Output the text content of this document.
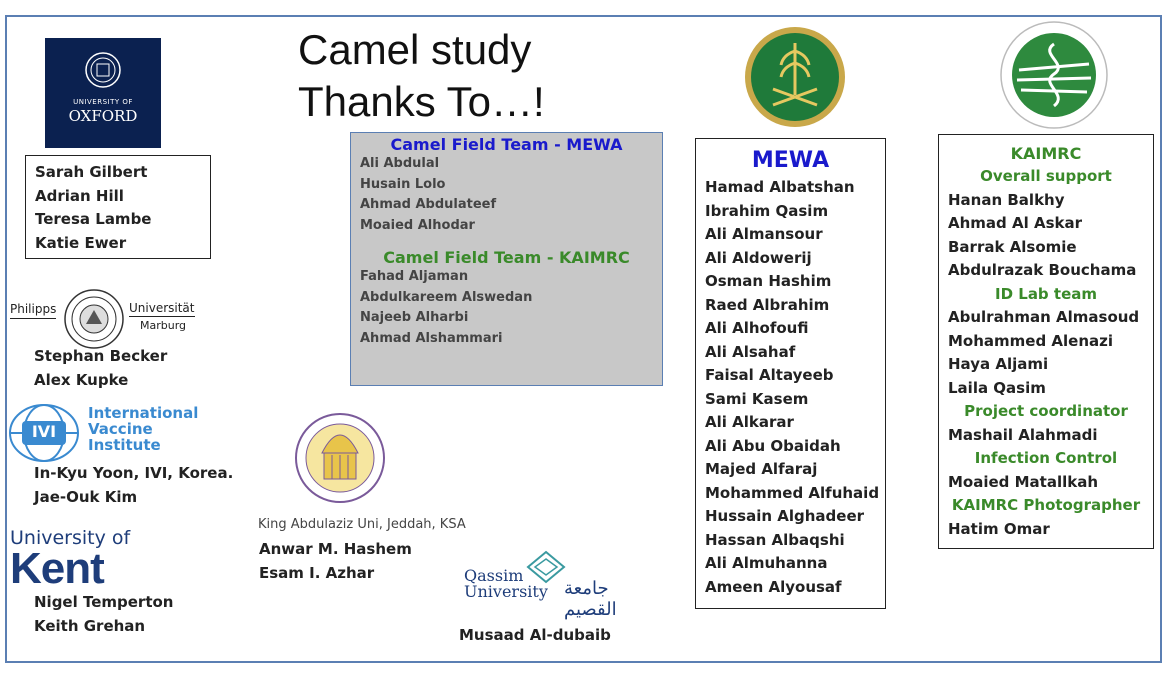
Camel study
Thanks To…!
UNIVERSITY OF
OXFORD
Sarah Gilbert
Adrian Hill
Teresa Lambe
Katie Ewer
Philipps	Universität
Marburg
Stephan Becker
Alex Kupke
IVI
International
Vaccine
Institute
In-Kyu Yoon, IVI, Korea.
Jae-Ouk Kim
University of
Kent
Nigel Temperton
Keith Grehan
King Abdulaziz Uni, Jeddah, KSA
Anwar M. Hashem
Esam I. Azhar	Qassim
University جامعة القصيم
Musaad Al-dubaib
Camel Field Team - MEWA
Ali Abdulal
Husain Lolo
Ahmad Abdulateef
Moaied Alhodar
Camel Field Team - KAIMRC
Fahad Aljaman
Abdulkareem Alswedan
Najeeb Alharbi
Ahmad Alshammari
MEWA
Hamad Albatshan
Ibrahim Qasim
Ali Almansour
Ali Aldowerij
Osman Hashim
Raed Albrahim
Ali Alhofoufi
Ali Alsahaf
Faisal Altayeeb
Sami Kasem
Ali Alkarar
Ali Abu Obaidah
Majed Alfaraj
Mohammed Alfuhaid
Hussain Alghadeer
Hassan Albaqshi
Ali Almuhanna
Ameen Alyousaf
KAIMRC
Overall support
Hanan Balkhy
Ahmad Al Askar
Barrak Alsomie
Abdulrazak Bouchama
ID Lab team
Abulrahman Almasoud
Mohammed Alenazi
Haya Aljami
Laila Qasim
Project coordinator
Mashail Alahmadi
Infection Control
Moaied Matallkah
KAIMRC Photographer
Hatim Omar
